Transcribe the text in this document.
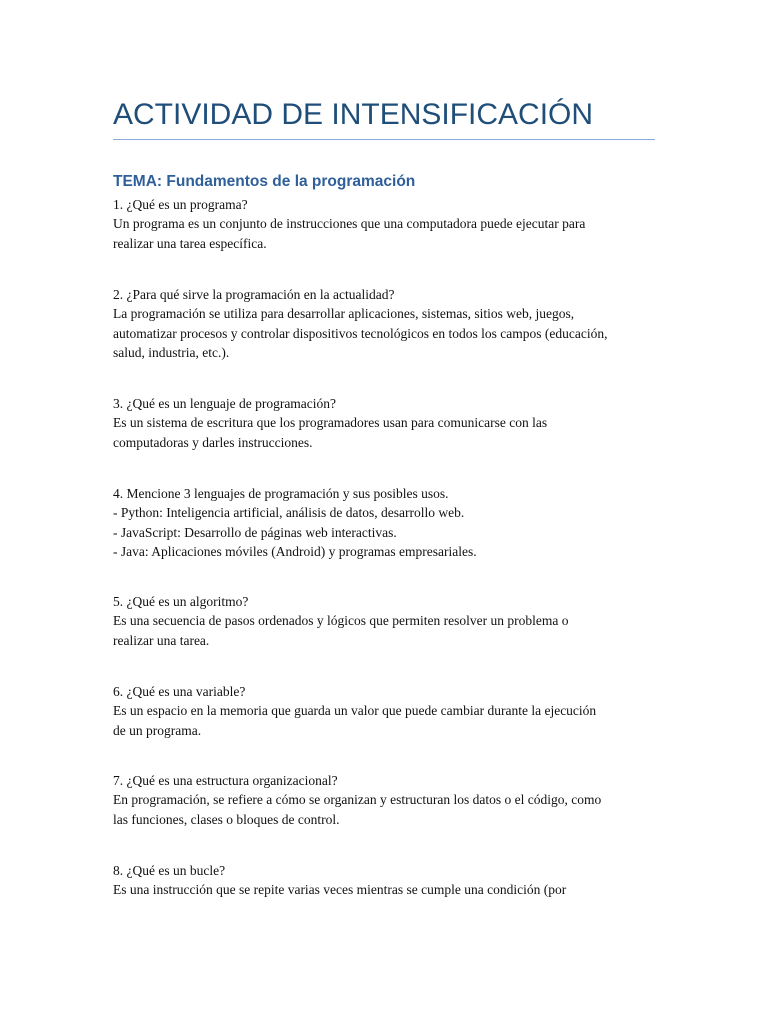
ACTIVIDAD DE INTENSIFICACIÓN
TEMA: Fundamentos de la programación

1. ¿Qué es un programa?

Un programa es un conjunto de instrucciones que una computadora puede ejecutar para

realizar una tarea específica.

2. ¿Para qué sirve la programación en la actualidad?

La programación se utiliza para desarrollar aplicaciones, sistemas, sitios web, juegos,

automatizar procesos y controlar dispositivos tecnológicos en todos los campos (educación,

salud, industria, etc.).

3. ¿Qué es un lenguaje de programación?

Es un sistema de escritura que los programadores usan para comunicarse con las

computadoras y darles instrucciones.

4. Mencione 3 lenguajes de programación y sus posibles usos.

- Python: Inteligencia artificial, análisis de datos, desarrollo web.

- JavaScript: Desarrollo de páginas web interactivas.

- Java: Aplicaciones móviles (Android) y programas empresariales.

5. ¿Qué es un algoritmo?

Es una secuencia de pasos ordenados y lógicos que permiten resolver un problema o

realizar una tarea.

6. ¿Qué es una variable?

Es un espacio en la memoria que guarda un valor que puede cambiar durante la ejecución

de un programa.

7. ¿Qué es una estructura organizacional?

En programación, se refiere a cómo se organizan y estructuran los datos o el código, como

las funciones, clases o bloques de control.

8. ¿Qué es un bucle?

Es una instrucción que se repite varias veces mientras se cumple una condición (por
